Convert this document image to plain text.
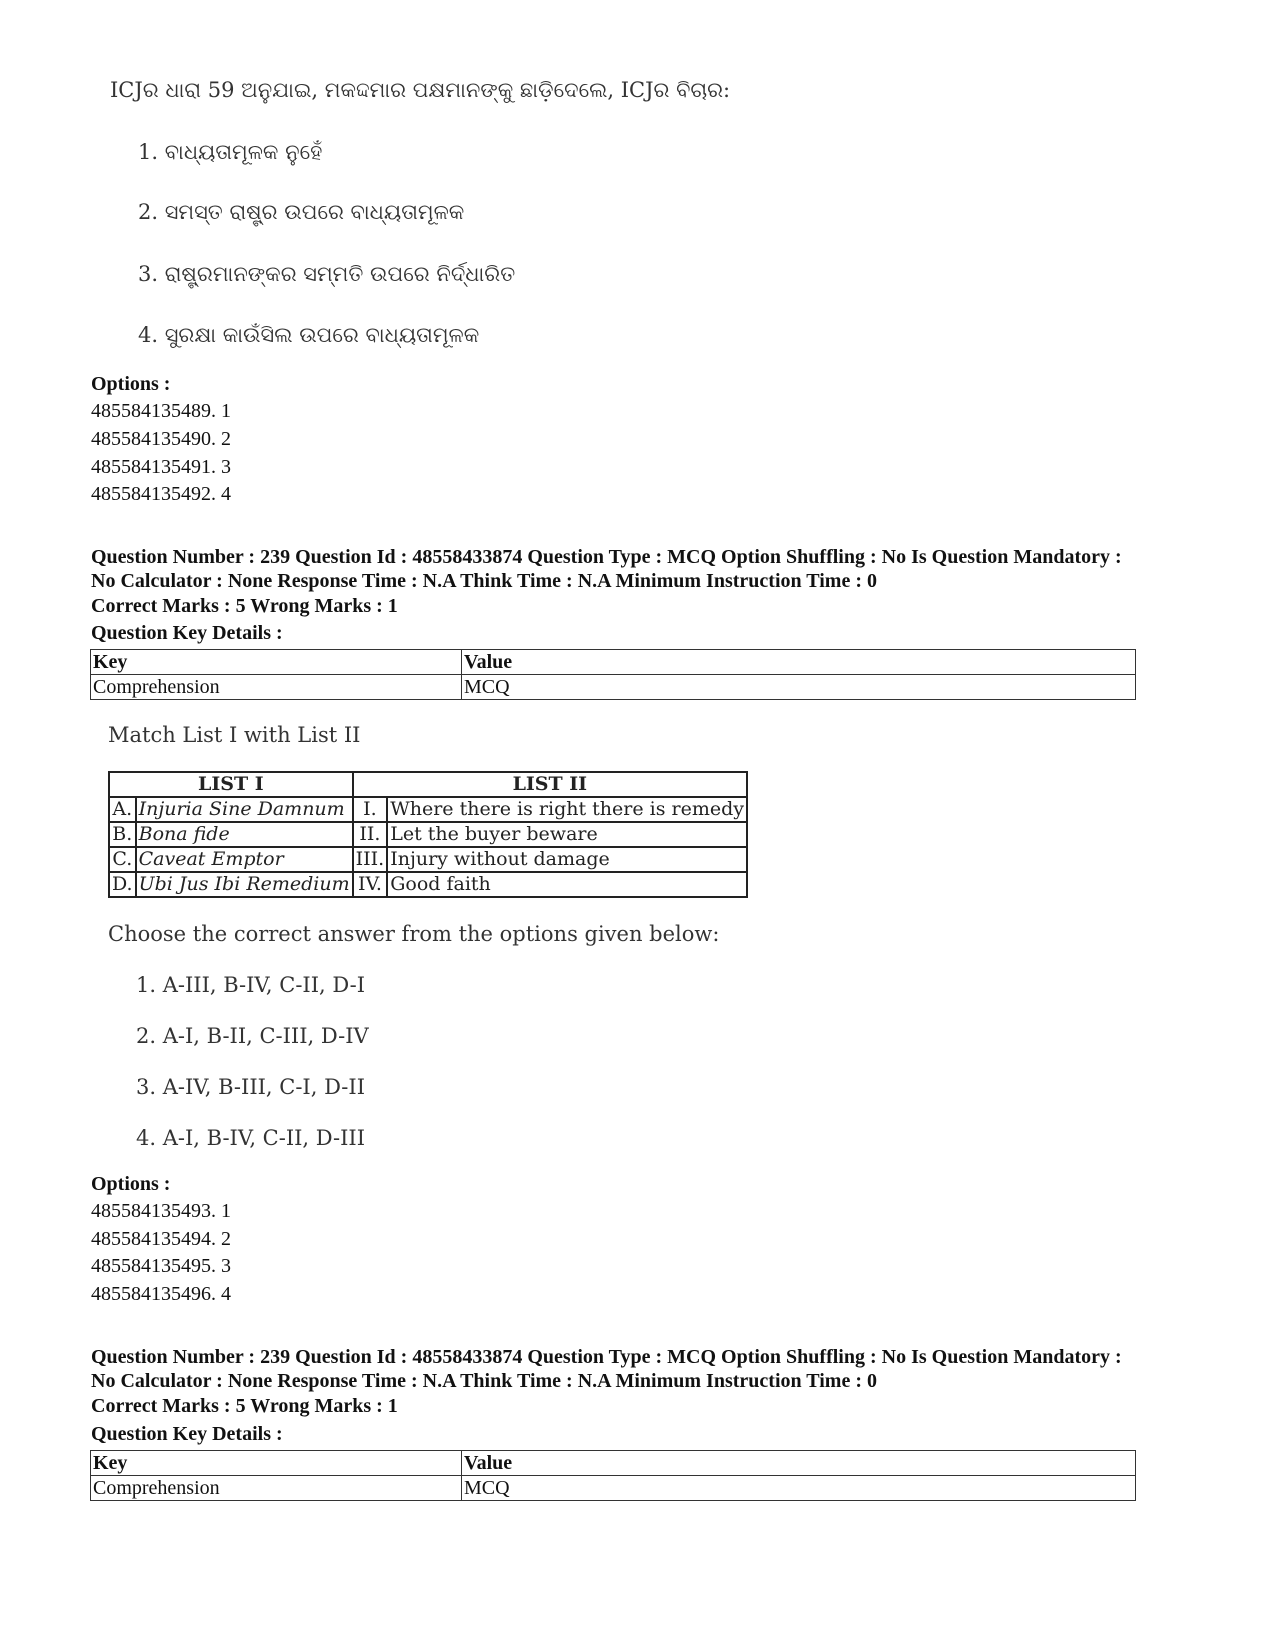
ICJର ଧାରା 59 ଅନୁଯାଇ, ମକଦ୍ଦମାର ପକ୍ଷମାନଙ୍କୁ ଛାଡ଼ିଦେଲେ, ICJର ବିଚାର:
1. ବାଧ୍ୟତାମୂଳକ ନୁହେଁ
2. ସମସ୍ତ ରାଷ୍ଟ୍ର ଉପରେ ବାଧ୍ୟତାମୂଳକ
3. ରାଷ୍ଟ୍ରମାନଙ୍କର ସମ୍ମତି ଉପରେ ନିର୍ଦ୍ଧାରିତ
4. ସୁରକ୍ଷା କାଉଁସିଲ ଉପରେ ବାଧ୍ୟତାମୂଳକ
Options :
485584135489. 1
485584135490. 2
485584135491. 3
485584135492. 4
Question Number : 239 Question Id : 48558433874 Question Type : MCQ Option Shuffling : No Is Question Mandatory :
No Calculator : None Response Time : N.A Think Time : N.A Minimum Instruction Time : 0
Correct Marks : 5 Wrong Marks : 1
Question Key Details :
Key	Value
Comprehension	MCQ
Match List I with List II
LIST I		LIST II	
A.	Injuria Sine Damnum	I.	Where there is right there is remedy
B.	Bona fide	II.	Let the buyer beware
C.	Caveat Emptor	III.	Injury without damage
D.	Ubi Jus Ibi Remedium	IV.	Good faith
Choose the correct answer from the options given below:
1. A-III, B-IV, C-II, D-I
2. A-I, B-II, C-III, D-IV
3. A-IV, B-III, C-I, D-II
4. A-I, B-IV, C-II, D-III
Options :
485584135493. 1
485584135494. 2
485584135495. 3
485584135496. 4
Question Number : 239 Question Id : 48558433874 Question Type : MCQ Option Shuffling : No Is Question Mandatory :
No Calculator : None Response Time : N.A Think Time : N.A Minimum Instruction Time : 0
Correct Marks : 5 Wrong Marks : 1
Question Key Details :
Key	Value
Comprehension	MCQ
